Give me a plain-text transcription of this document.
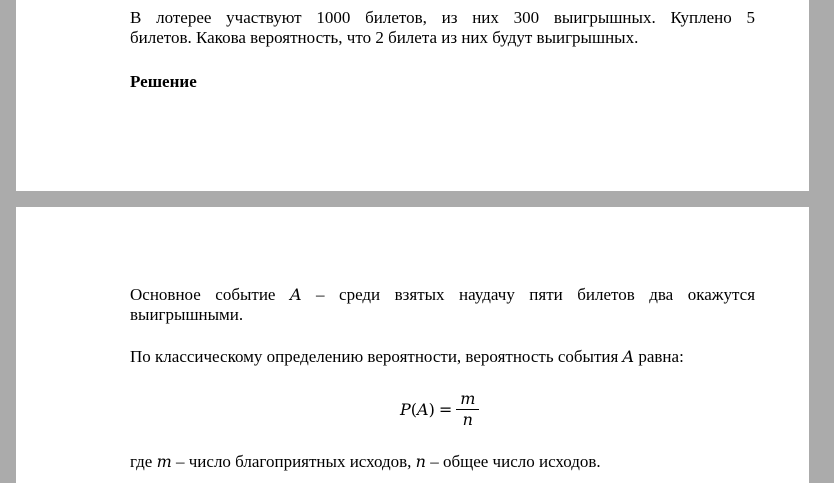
В лотерее участвуют 1000 билетов, из них 300 выигрышных. Куплено 5

билетов. Какова вероятность, что 2 билета из них будут выигрышных.

Решение

Основное событие A – среди взятых наудачу пяти билетов два окажутся

выигрышными.

По классическому определению вероятности, вероятность события A равна:

P ( A ) = $\frac{m}{n}$

где m – число благоприятных исходов, n – общее число исходов.
